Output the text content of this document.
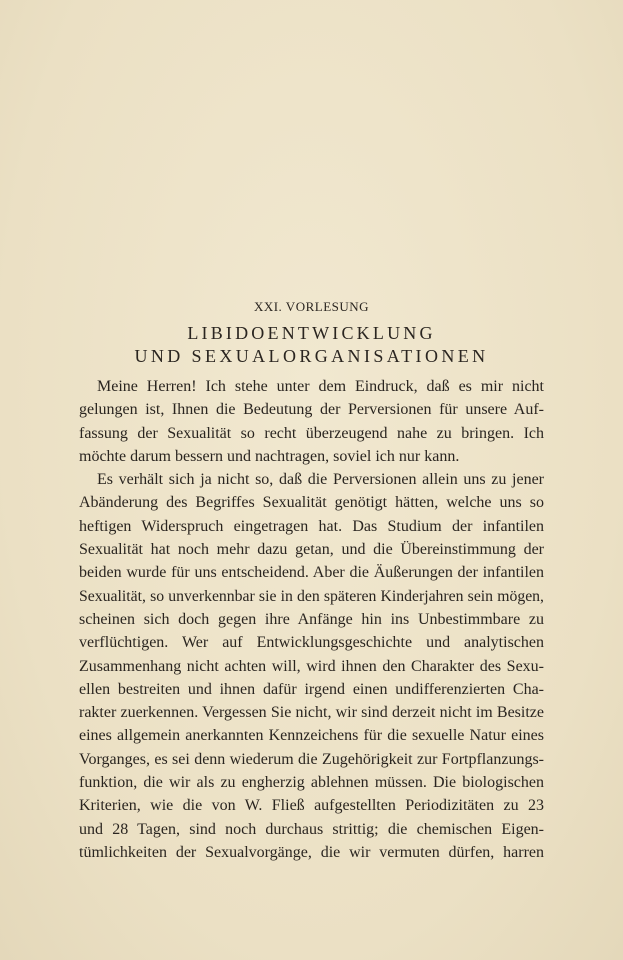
XXI. VORLESUNG
LIBIDOENTWICKLUNG
UND SEXUALORGANISATIONEN
Meine Herren! Ich stehe unter dem Eindruck, daß es mir nicht
gelungen ist, Ihnen die Bedeutung der Perversionen für unsere Auf-
fassung der Sexualität so recht überzeugend nahe zu bringen. Ich
möchte darum bessern und nachtragen, soviel ich nur kann.
Es verhält sich ja nicht so, daß die Perversionen allein uns zu jener
Abänderung des Begriffes Sexualität genötigt hätten, welche uns so
heftigen Widerspruch eingetragen hat. Das Studium der infantilen
Sexualität hat noch mehr dazu getan, und die Übereinstimmung der
beiden wurde für uns entscheidend. Aber die Äußerungen der infantilen
Sexualität, so unverkennbar sie in den späteren Kinderjahren sein mögen,
scheinen sich doch gegen ihre Anfänge hin ins Unbestimmbare zu
verflüchtigen. Wer auf Entwicklungsgeschichte und analytischen
Zusammenhang nicht achten will, wird ihnen den Charakter des Sexu-
ellen bestreiten und ihnen dafür irgend einen undifferenzierten Cha-
rakter zuerkennen. Vergessen Sie nicht, wir sind derzeit nicht im Besitze
eines allgemein anerkannten Kennzeichens für die sexuelle Natur eines
Vorganges, es sei denn wiederum die Zugehörigkeit zur Fortpflanzungs-
funktion, die wir als zu engherzig ablehnen müssen. Die biologischen
Kriterien, wie die von W. Fließ aufgestellten Periodizitäten zu 23
und 28 Tagen, sind noch durchaus strittig; die chemischen Eigen-
tümlichkeiten der Sexualvorgänge, die wir vermuten dürfen, harren
